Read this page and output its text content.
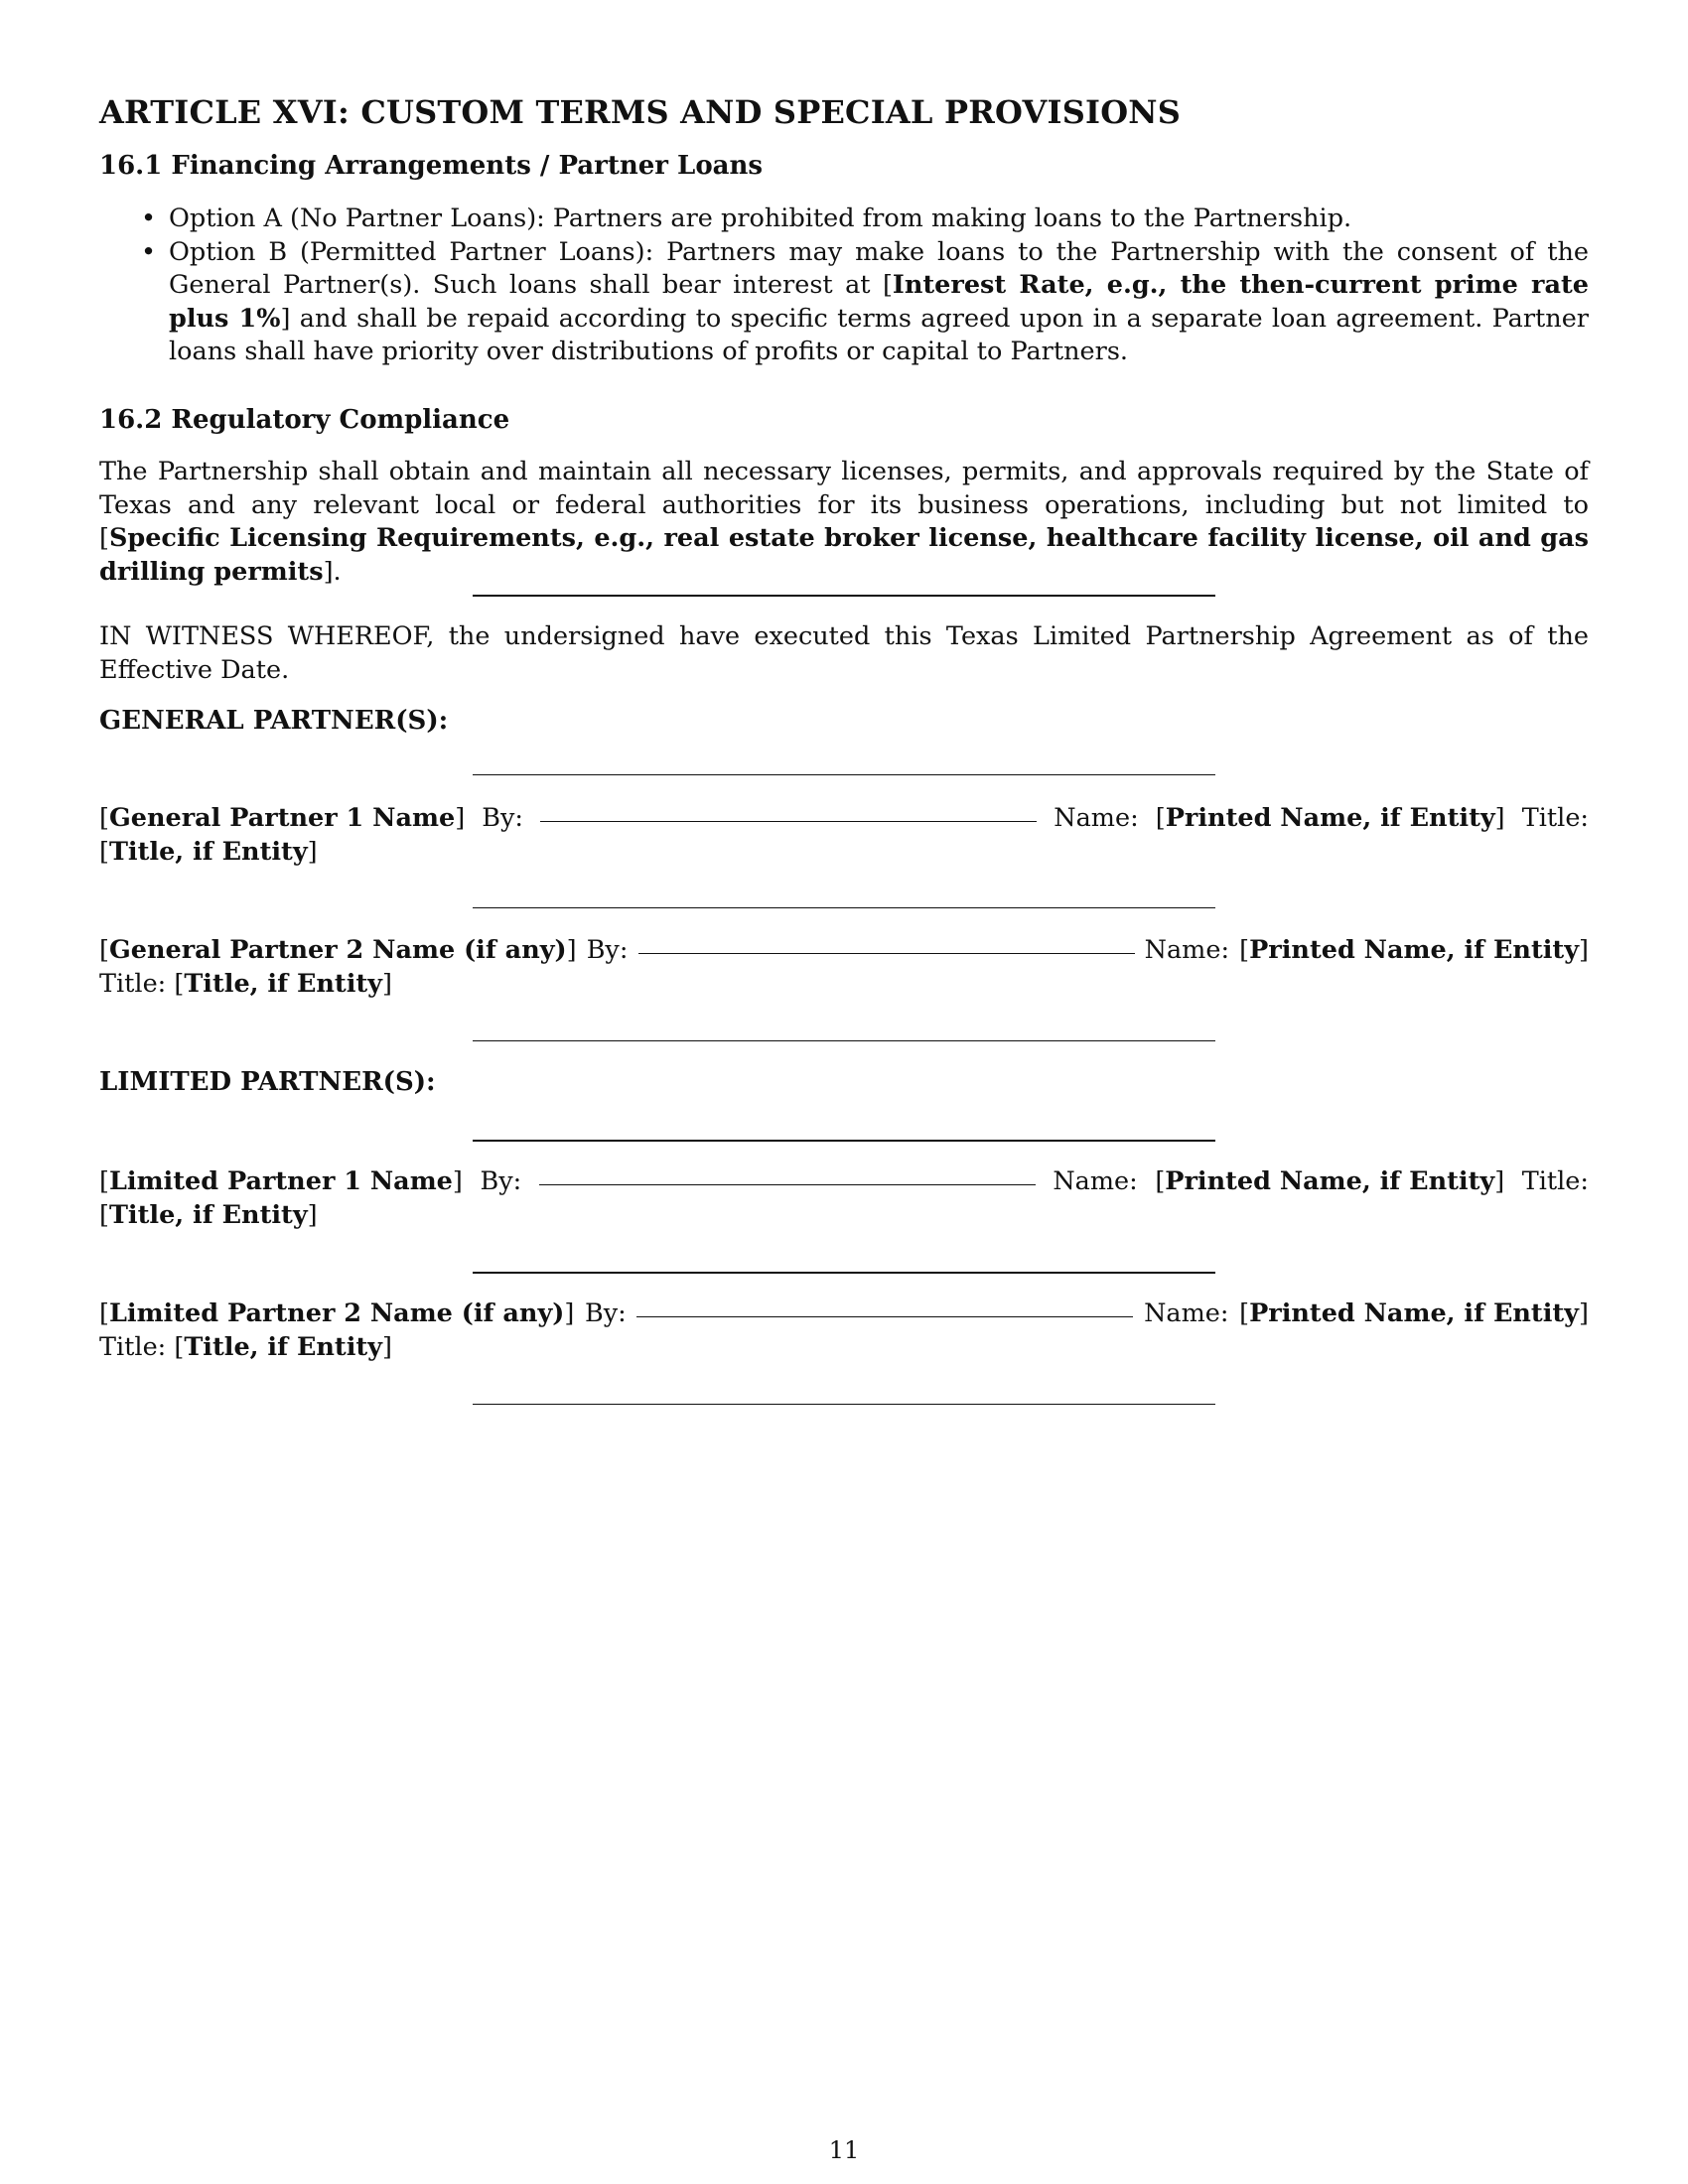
ARTICLE XVI: CUSTOM TERMS AND SPECIAL PROVISIONS
16.1 Financing Arrangements / Partner Loans
• Option A (No Partner Loans): Partners are prohibited from making loans to the Partnership.
• Option B (Permitted Partner Loans): Partners may make loans to the Partnership with the consent of the General Partner(s). Such loans shall bear interest at [Interest Rate, e.g., the then-current prime rate plus 1%] and shall be repaid according to specific terms agreed upon in a separate loan agreement. Partner loans shall have priority over distributions of profits or capital to Partners.
16.2 Regulatory Compliance

The Partnership shall obtain and maintain all necessary licenses, permits, and approvals required by the State of Texas and any relevant local or federal authorities for its business operations, including but not limited to [Specific Licensing Requirements, e.g., real estate broker license, healthcare facility license, oil and gas drilling permits].

IN WITNESS WHEREOF, the undersigned have executed this Texas Limited Partnership Agreement as of the Effective Date.

GENERAL PARTNER(S):
[General Partner 1 Name] By:	Name: [Printed Name, if Entity] Title:
[Title, if Entity]
[General Partner 2 Name (if any)] By:	Name: [Printed Name, if Entity]
Title: [Title, if Entity]
LIMITED PARTNER(S):
[Limited Partner 1 Name] By:	Name: [Printed Name, if Entity] Title:
[Title, if Entity]
[Limited Partner 2 Name (if any)] By:	Name: [Printed Name, if Entity]
Title: [Title, if Entity]
11
